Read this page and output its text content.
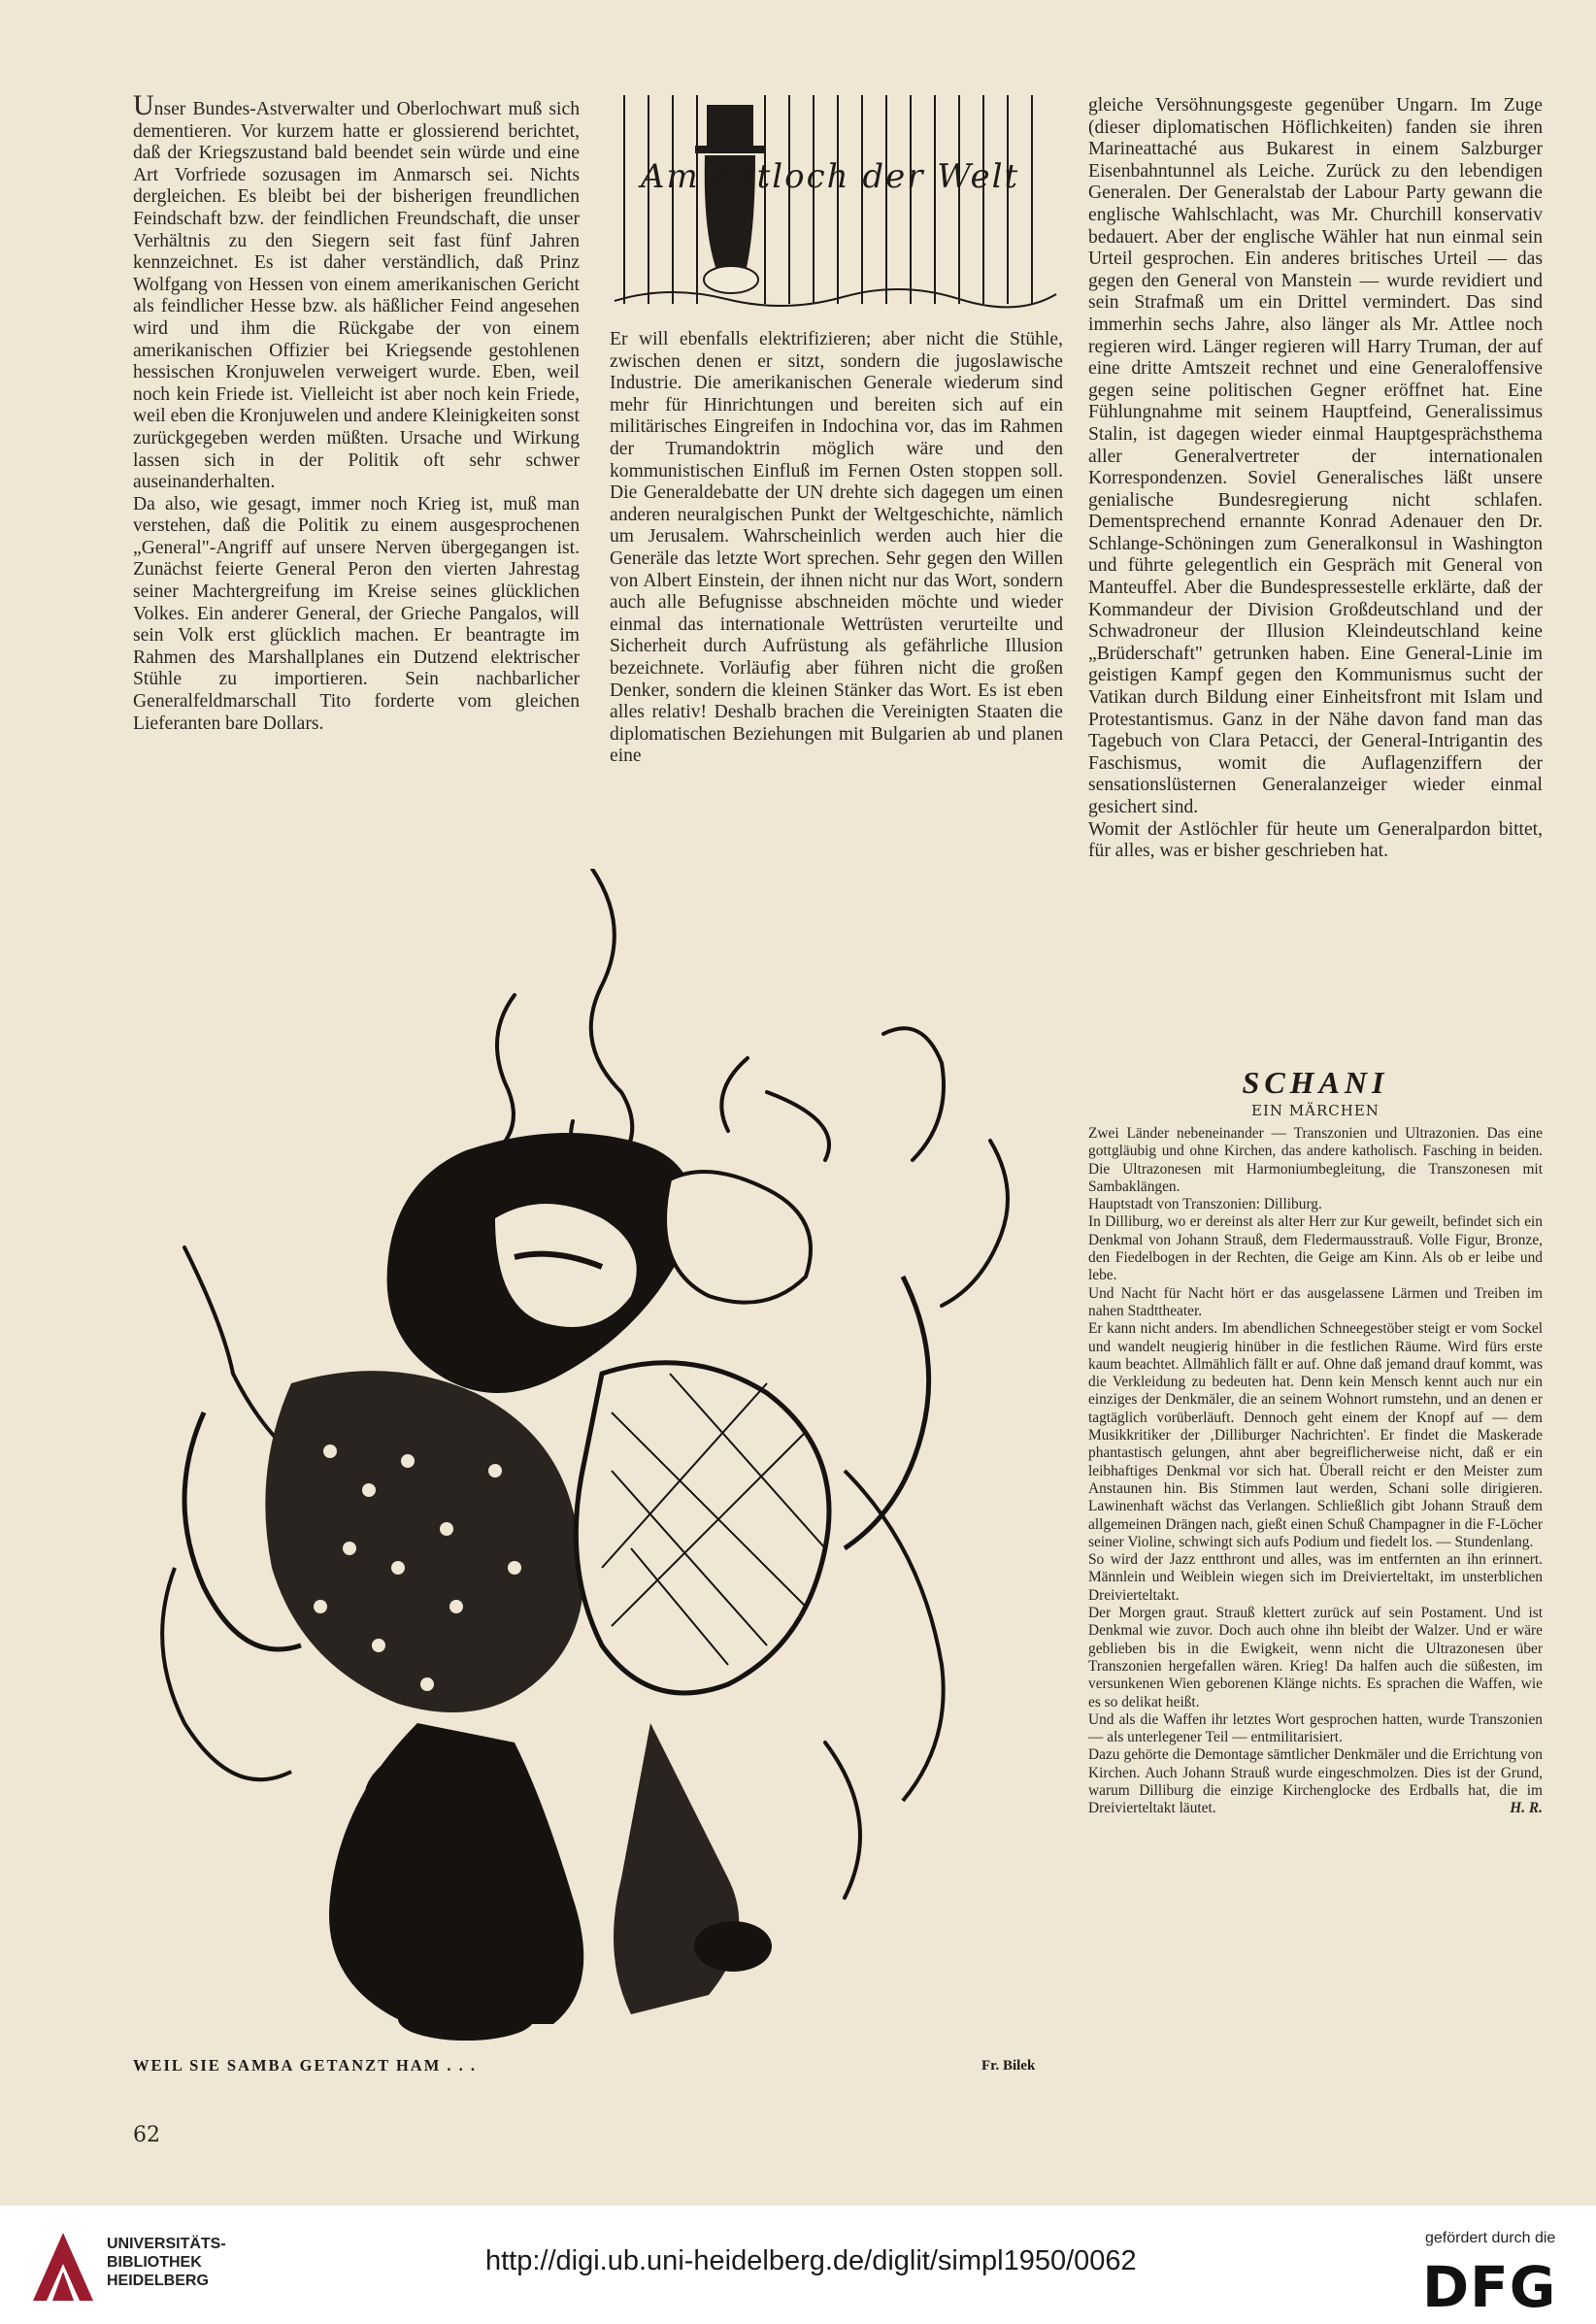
Unser Bundes-Astverwalter und Oberlochwart muß sich dementieren. Vor kurzem hatte er glossierend berichtet, daß der Kriegszustand bald beendet sein würde und eine Art Vorfriede sozusagen im Anmarsch sei. Nichts dergleichen. Es bleibt bei der bisherigen freundlichen Feindschaft bzw. der feindlichen Freundschaft, die unser Verhältnis zu den Siegern seit fast fünf Jahren kennzeichnet. Es ist daher verständlich, daß Prinz Wolfgang von Hessen von einem amerikanischen Gericht als feindlicher Hesse bzw. als häßlicher Feind angesehen wird und ihm die Rückgabe der von einem amerikanischen Offizier bei Kriegsende gestohlenen hessischen Kronjuwelen verweigert wurde. Eben, weil noch kein Friede ist. Vielleicht ist aber noch kein Friede, weil eben die Kronjuwelen und andere Kleinigkeiten sonst zurückgegeben werden müßten. Ursache und Wirkung lassen sich in der Politik oft sehr schwer auseinanderhalten.

Da also, wie gesagt, immer noch Krieg ist, muß man verstehen, daß die Politik zu einem ausgesprochenen „General"-Angriff auf unsere Nerven übergegangen ist. Zunächst feierte General Peron den vierten Jahrestag seiner Machtergreifung im Kreise seines glücklichen Volkes. Ein anderer General, der Grieche Pangalos, will sein Volk erst glücklich machen. Er beantragte im Rahmen des Marshallplanes ein Dutzend elektrischer Stühle zu importieren. Sein nachbarlicher Generalfeldmarschall Tito forderte vom gleichen Lieferanten bare Dollars.

Am Astloch der Welt

Er will ebenfalls elektrifizieren; aber nicht die Stühle, zwischen denen er sitzt, sondern die jugoslawische Industrie. Die amerikanischen Generale wiederum sind mehr für Hinrichtungen und bereiten sich auf ein militärisches Eingreifen in Indochina vor, das im Rahmen der Trumandoktrin möglich wäre und den kommunistischen Einfluß im Fernen Osten stoppen soll. Die Generaldebatte der UN drehte sich dagegen um einen anderen neuralgischen Punkt der Weltgeschichte, nämlich um Jerusalem. Wahrscheinlich werden auch hier die Generäle das letzte Wort sprechen. Sehr gegen den Willen von Albert Einstein, der ihnen nicht nur das Wort, sondern auch alle Befugnisse abschneiden möchte und wieder einmal das internationale Wettrüsten verurteilte und Sicherheit durch Aufrüstung als gefährliche Illusion bezeichnete. Vorläufig aber führen nicht die großen Denker, sondern die kleinen Stänker das Wort. Es ist eben alles relativ! Deshalb brachen die Vereinigten Staaten die diplomatischen Beziehungen mit Bulgarien ab und planen eine

gleiche Versöhnungsgeste gegenüber Ungarn. Im Zuge (dieser diplomatischen Höflichkeiten) fanden sie ihren Marineattaché aus Bukarest in einem Salzburger Eisenbahntunnel als Leiche. Zurück zu den lebendigen Generalen. Der Generalstab der Labour Party gewann die englische Wahlschlacht, was Mr. Churchill konservativ bedauert. Aber der englische Wähler hat nun einmal sein Urteil gesprochen. Ein anderes britisches Urteil — das gegen den General von Manstein — wurde revidiert und sein Strafmaß um ein Drittel vermindert. Das sind immerhin sechs Jahre, also länger als Mr. Attlee noch regieren wird. Länger regieren will Harry Truman, der auf eine dritte Amtszeit rechnet und eine Generaloffensive gegen seine politischen Gegner eröffnet hat. Eine Fühlungnahme mit seinem Hauptfeind, Generalissimus Stalin, ist dagegen wieder einmal Hauptgesprächsthema aller Generalvertreter der internationalen Korrespondenzen. Soviel Generalisches läßt unsere genialische Bundesregierung nicht schlafen. Dementsprechend ernannte Konrad Adenauer den Dr. Schlange-Schöningen zum Generalkonsul in Washington und führte gelegentlich ein Gespräch mit General von Manteuffel. Aber die Bundespressestelle erklärte, daß der Kommandeur der Division Großdeutschland und der Schwadroneur der Illusion Kleindeutschland keine „Brüderschaft" getrunken haben. Eine General-Linie im geistigen Kampf gegen den Kommunismus sucht der Vatikan durch Bildung einer Einheitsfront mit Islam und Protestantismus. Ganz in der Nähe davon fand man das Tagebuch von Clara Petacci, der General-Intrigantin des Faschismus, womit die Auflagenziffern der sensationslüsternen Generalanzeiger wieder einmal gesichert sind.

Womit der Astlöchler für heute um Generalpardon bittet, für alles, was er bisher geschrieben hat.

SCHANI
EIN MÄRCHEN

Zwei Länder nebeneinander — Transzonien und Ultrazonien. Das eine gottgläubig und ohne Kirchen, das andere katholisch. Fasching in beiden. Die Ultrazonesen mit Harmoniumbegleitung, die Transzonesen mit Sambaklängen.

Hauptstadt von Transzonien: Dilliburg.

In Dilliburg, wo er dereinst als alter Herr zur Kur geweilt, befindet sich ein Denkmal von Johann Strauß, dem Fledermausstrauß. Volle Figur, Bronze, den Fiedelbogen in der Rechten, die Geige am Kinn. Als ob er leibe und lebe.

Und Nacht für Nacht hört er das ausgelassene Lärmen und Treiben im nahen Stadttheater.

Er kann nicht anders. Im abendlichen Schneegestöber steigt er vom Sockel und wandelt neugierig hinüber in die festlichen Räume. Wird fürs erste kaum beachtet. Allmählich fällt er auf. Ohne daß jemand drauf kommt, was die Verkleidung zu bedeuten hat. Denn kein Mensch kennt auch nur ein einziges der Denkmäler, die an seinem Wohnort rumstehn, und an denen er tagtäglich vorüberläuft. Dennoch geht einem der Knopf auf — dem Musikkritiker der ‚Dilliburger Nachrichten'. Er findet die Maskerade phantastisch gelungen, ahnt aber begreiflicherweise nicht, daß er ein leibhaftiges Denkmal vor sich hat. Überall reicht er den Meister zum Anstaunen hin. Bis Stimmen laut werden, Schani solle dirigieren. Lawinenhaft wächst das Verlangen. Schließlich gibt Johann Strauß dem allgemeinen Drängen nach, gießt einen Schuß Champagner in die F-Löcher seiner Violine, schwingt sich aufs Podium und fiedelt los. — Stundenlang.

So wird der Jazz entthront und alles, was im entfernten an ihn erinnert. Männlein und Weiblein wiegen sich im Dreivierteltakt, im unsterblichen Dreivierteltakt.

Der Morgen graut. Strauß klettert zurück auf sein Postament. Und ist Denkmal wie zuvor. Doch auch ohne ihn bleibt der Walzer. Und er wäre geblieben bis in die Ewigkeit, wenn nicht die Ultrazonesen über Transzonien hergefallen wären. Krieg! Da halfen auch die süßesten, im versunkenen Wien geborenen Klänge nichts. Es sprachen die Waffen, wie es so delikat heißt.

Und als die Waffen ihr letztes Wort gesprochen hatten, wurde Transzonien — als unterlegener Teil — entmilitarisiert.

Dazu gehörte die Demontage sämtlicher Denkmäler und die Errichtung von Kirchen. Auch Johann Strauß wurde eingeschmolzen. Dies ist der Grund, warum Dilliburg die einzige Kirchenglocke des Erdballs hat, die im Dreivierteltakt läutet.	H. R.

WEIL SIE SAMBA GETANZT HAM . . .	Fr. Bilek
62
UNIVERSITÄTS-
BIBLIOTHEK
HEIDELBERG
http://digi.ub.uni-heidelberg.de/diglit/simpl1950/0062
gefördert durch die
DFG
